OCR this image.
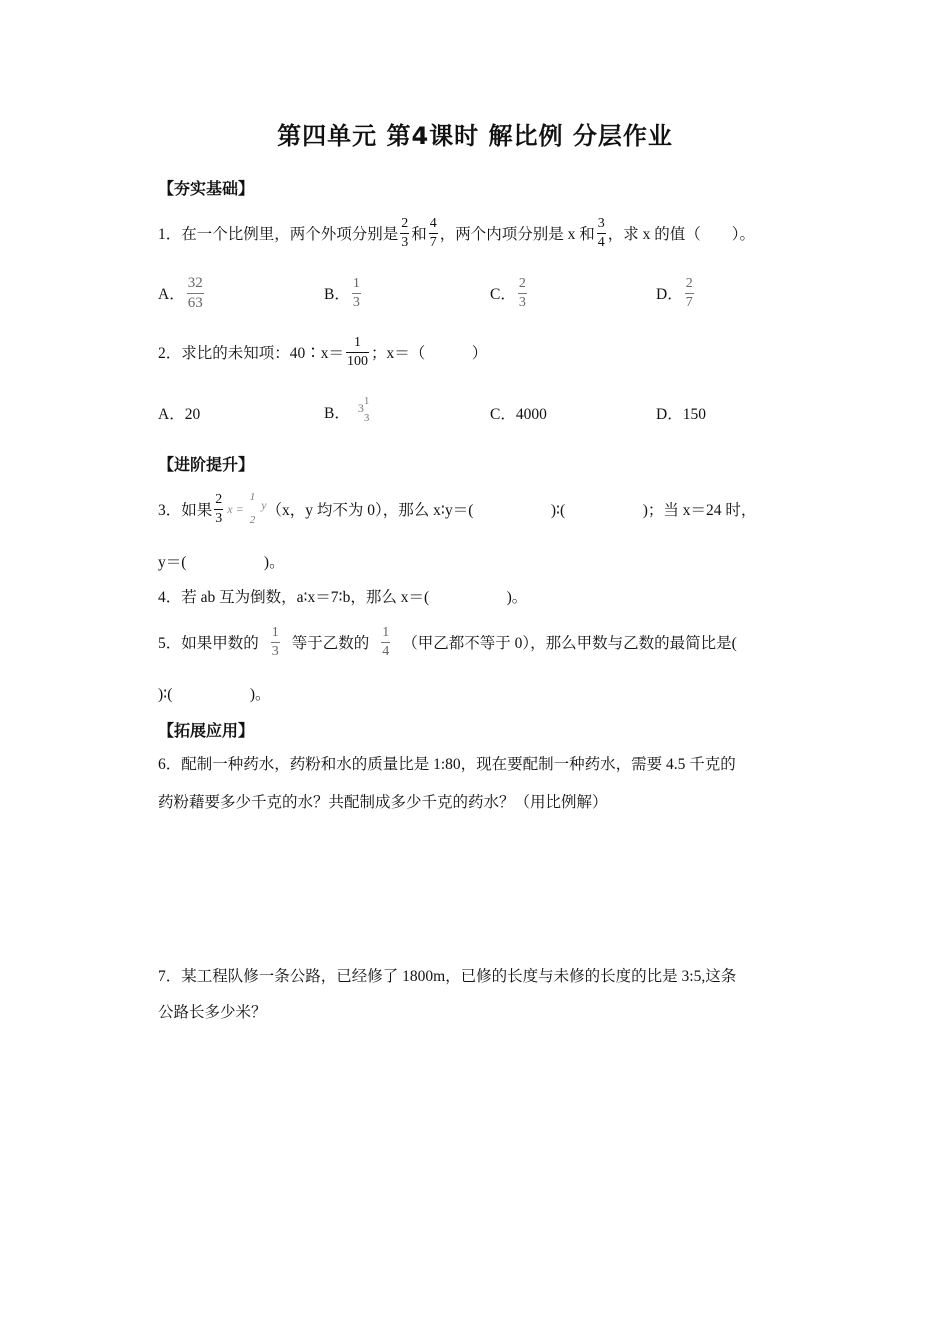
第四单元 第4课时 解比例 分层作业
【夯实基础】
1．在一个比例里，两个外项分别是 $\frac{2}{3}$ 和 $\frac{4}{7}$ ，两个内项分别是 x 和 $\frac{3}{4}$ ，求 x 的值（　　）。
A． $\frac{32}{63}$	B． $\frac{1}{3}$	C． $\frac{2}{3}$	D． $\frac{2}{7}$
2．求比的未知项：40∶x＝ $\frac{1}{100}$ ；x＝（　　　）
A．20	B． 3 1
3	C．4000	D．150
【进阶提升】
3．如果 $\frac{2}{3}$ x =
1
2
y （x，y 均不为 0），那么 x∶y＝(　　　　　)∶(　　　　　)；当 x＝24 时，
y＝(　　　　　)。
4．若 ab 互为倒数，a∶x＝7∶b，那么 x＝(　　　　　)。
5．如果甲数的 $\frac{1}{3}$ 等于乙数的 $\frac{1}{4}$ （甲乙都不等于 0），那么甲数与乙数的最简比是(
)∶(　　　　　)。
【拓展应用】
6．配制一种药水，药粉和水的质量比是 1:80，现在要配制一种药水，需要 4.5 千克的
药粉藉要多少千克的水？共配制成多少千克的药水？（用比例解）
7．某工程队修一条公路，已经修了 1800m，已修的长度与未修的长度的比是 3:5,这条
公路长多少米？
